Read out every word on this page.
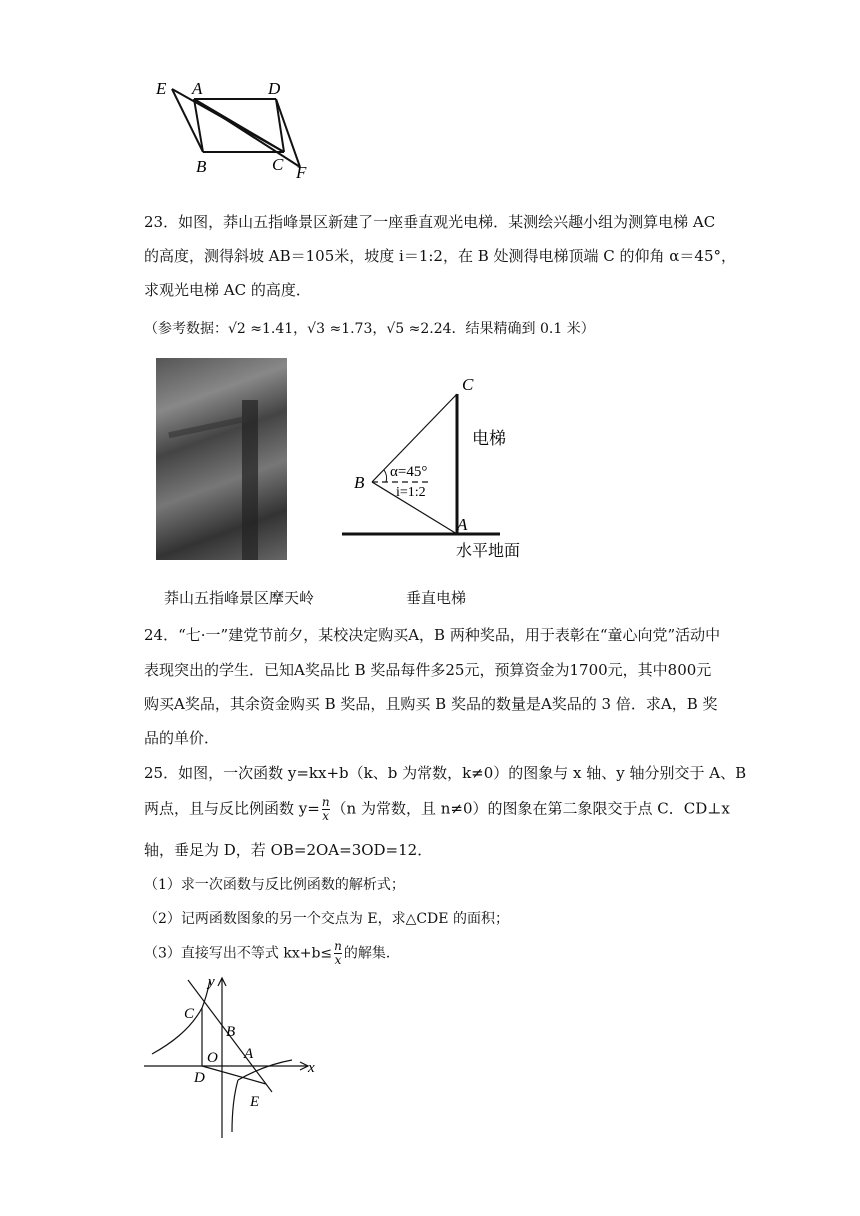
E A	D
B	C F
23．如图，莽山五指峰景区新建了一座垂直观光电梯．某测绘兴趣小组为测算电梯 AC
的高度，测得斜坡 AB＝105米，坡度 i＝1:2，在 B 处测得电梯顶端 C 的仰角 α＝45°，
求观光电梯 AC 的高度．
（参考数据：√2 ≈1.41，√3 ≈1.73，√5 ≈2.24．结果精确到 0.1 米）
C
电梯
B
α=45°
i=1:2
A
水平地面
莽山五指峰景区摩天岭	垂直电梯
24．“七·一”建党节前夕，某校决定购买A，B 两种奖品，用于表彰在“童心向党”活动中
表现突出的学生．已知A奖品比 B 奖品每件多25元，预算资金为1700元，其中800元
购买A奖品，其余资金购买 B 奖品，且购买 B 奖品的数量是A奖品的 3 倍．求A，B 奖
品的单价．
25．如图，一次函数 y=kx+b（k、b 为常数，k≠0）的图象与 x 轴、y 轴分别交于 A、B
两点，且与反比例函数 $y= \frac{n}{x} (n$ 为常数，且 n≠0）的图象在第二象限交于点 C．CD⊥x
轴，垂足为 D，若 OB=2OA=3OD=12．
（1）求一次函数与反比例函数的解析式；
（2）记两函数图象的另一个交点为 E，求△CDE 的面积；
（3）直接写出不等式 $kx+b\le \frac{n}{x}$ 的解集．
y
x
C
B
O A
D
E
